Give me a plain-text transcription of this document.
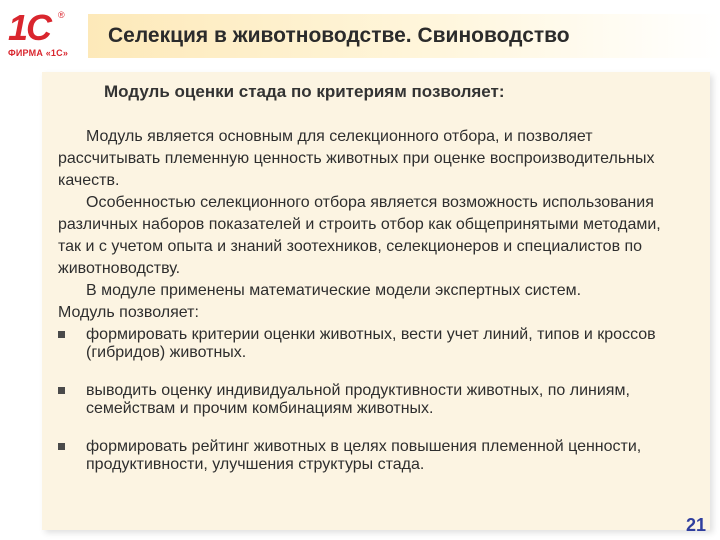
1С ®
ФИРМА «1С»
Селекция в животноводстве. Свиноводство
Модуль оценки стада по критериям позволяет:

Модуль является основным для селекционного отбора, и позволяет рассчитывать племенную ценность животных при оценке воспроизводительных качеств.

Особенностью селекционного отбора является возможность использования различных наборов показателей и строить отбор как общепринятыми методами, так и с учетом опыта и знаний зоотехников, селекционеров и специалистов по животноводству.

В модуле применены математические модели экспертных систем.

Модуль позволяет:

формировать критерии оценки животных, вести учет линий, типов и кроссов (гибридов) животных.
выводить оценку индивидуальной продуктивности животных, по линиям, семействам и прочим комбинациям животных.
формировать рейтинг животных в целях повышения племенной ценности, продуктивности, улучшения структуры стада.
21
